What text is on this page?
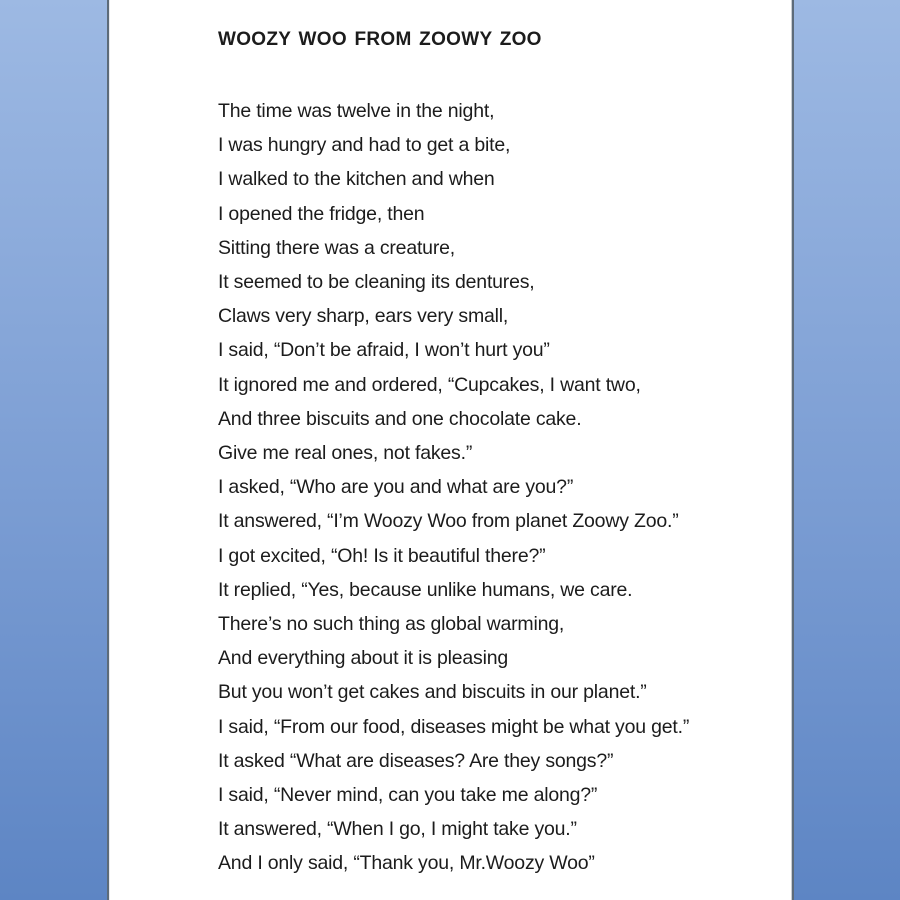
WOOZY WOO FROM ZOOWY ZOO
The time was twelve in the night,
I was hungry and had to get a bite,
I walked to the kitchen and when
I opened the fridge, then
Sitting there was a creature,
It seemed to be cleaning its dentures,
Claws very sharp, ears very small,
I said, “Don’t be afraid, I won’t hurt you”
It ignored me and ordered, “Cupcakes, I want two,
And three biscuits and one chocolate cake.
Give me real ones, not fakes.”
I asked, “Who are you and what are you?”
It answered, “I’m Woozy Woo from planet Zoowy Zoo.”
I got excited, “Oh! Is it beautiful there?”
It replied, “Yes, because unlike humans, we care.
There’s no such thing as global warming,
And everything about it is pleasing
But you won’t get cakes and biscuits in our planet.”
I said, “From our food, diseases might be what you get.”
It asked “What are diseases? Are they songs?”
I said, “Never mind, can you take me along?”
It answered, “When I go, I might take you.”
And I only said, “Thank you, Mr.Woozy Woo”
